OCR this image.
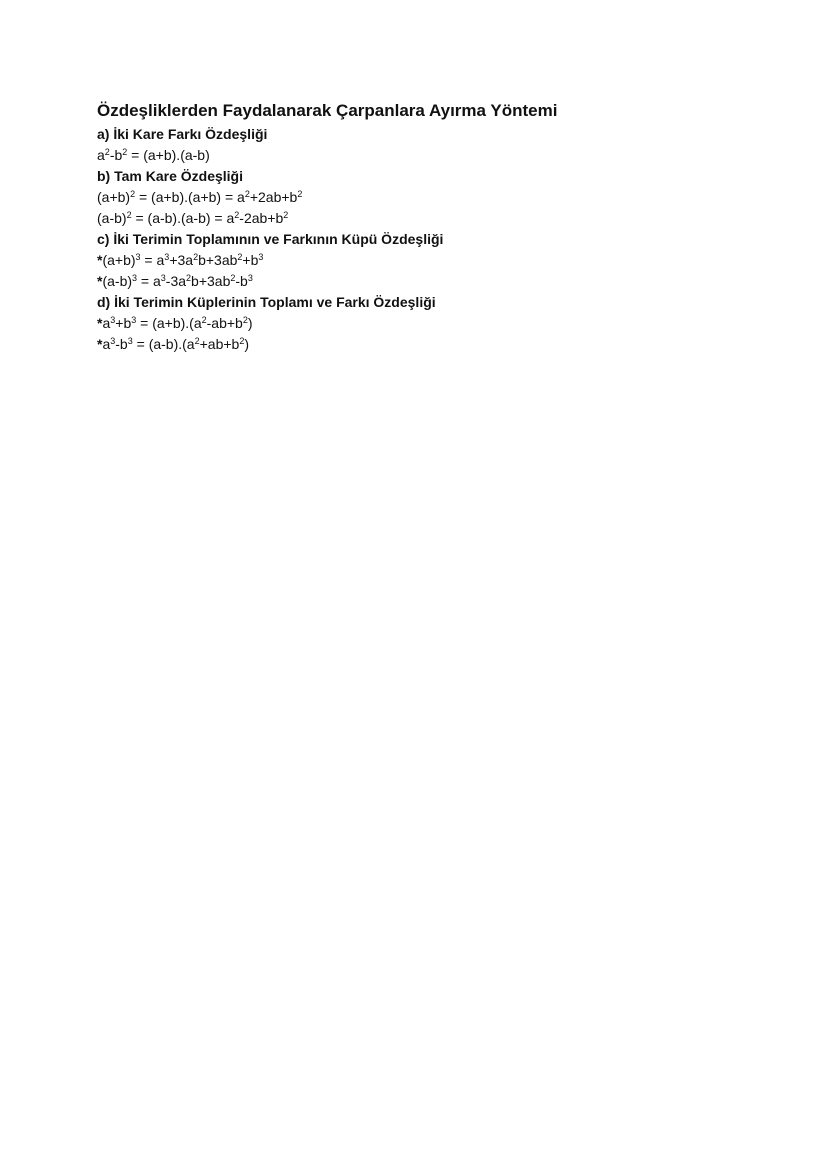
Özdeşliklerden Faydalanarak Çarpanlara Ayırma Yöntemi
a) İki Kare Farkı Özdeşliği
$a^2-b^2 = (a+b).(a-b)$
b) Tam Kare Özdeşliği
$(a+b)^2 = (a+b).(a+b) = a^2+2ab+b^2$
$(a-b)^2 = (a-b).(a-b) = a^2-2ab+b^2$
c) İki Terimin Toplamının ve Farkının Küpü Özdeşliği
$*(a+b)^3 = a^3+3a^2b+3ab^2+b^3$
$*(a-b)^3 = a^3-3a^2b+3ab^2-b^3$
d) İki Terimin Küplerinin Toplamı ve Farkı Özdeşliği
$*a^3+b^3 = (a+b).(a^2-ab+b^2)$
$*a^3-b^3 = (a-b).(a^2+ab+b^2)$
